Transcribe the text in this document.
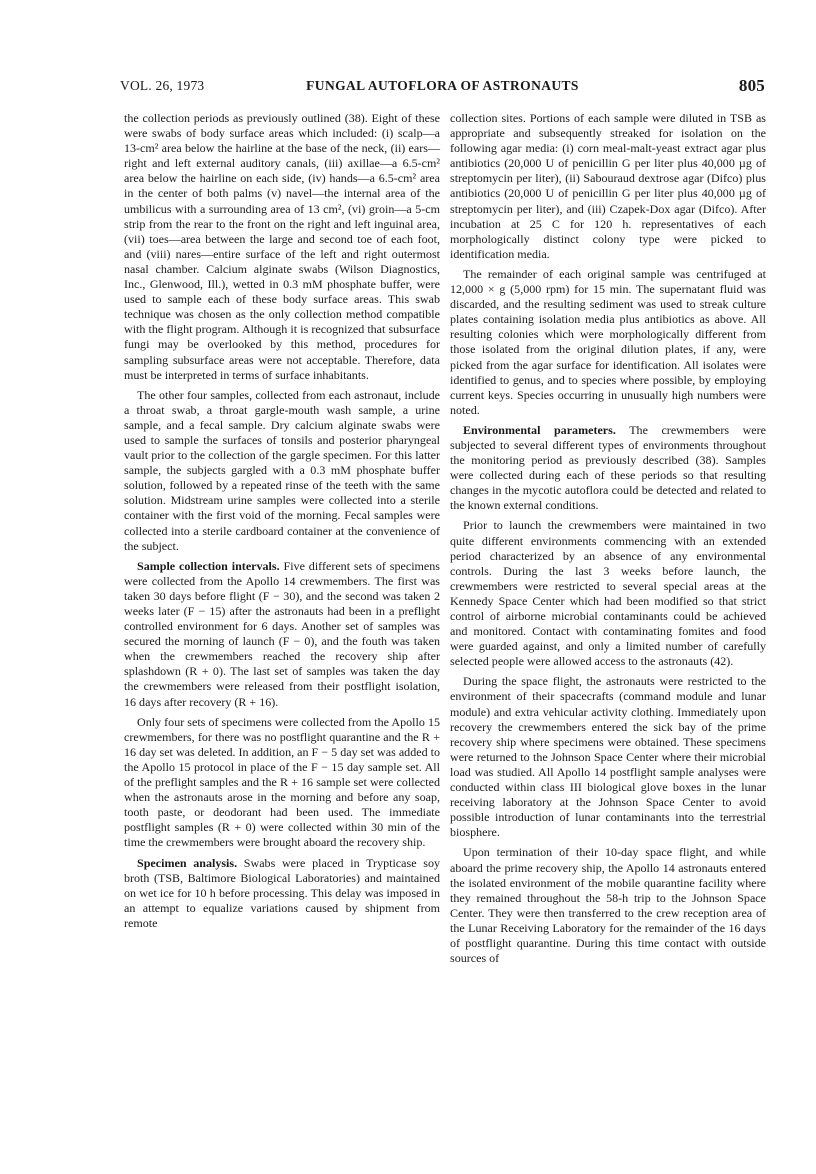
VOL. 26, 1973	FUNGAL AUTOFLORA OF ASTRONAUTS	805

the collection periods as previously outlined (38). Eight of these were swabs of body surface areas which included: (i) scalp—a 13-cm² area below the hairline at the base of the neck, (ii) ears—right and left external auditory canals, (iii) axillae—a 6.5-cm² area below the hairline on each side, (iv) hands—a 6.5-cm² area in the center of both palms (v) navel—the internal area of the umbilicus with a surrounding area of 13 cm², (vi) groin—a 5-cm strip from the rear to the front on the right and left inguinal area, (vii) toes—area between the large and second toe of each foot, and (viii) nares—entire surface of the left and right outermost nasal chamber. Calcium alginate swabs (Wilson Diagnostics, Inc., Glenwood, Ill.), wetted in 0.3 mM phosphate buffer, were used to sample each of these body surface areas. This swab technique was chosen as the only collection method compatible with the flight program. Although it is recognized that subsurface fungi may be overlooked by this method, procedures for sampling subsurface areas were not acceptable. Therefore, data must be interpreted in terms of surface inhabitants.

The other four samples, collected from each astronaut, include a throat swab, a throat gargle-mouth wash sample, a urine sample, and a fecal sample. Dry calcium alginate swabs were used to sample the surfaces of tonsils and posterior pharyngeal vault prior to the collection of the gargle specimen. For this latter sample, the subjects gargled with a 0.3 mM phosphate buffer solution, followed by a repeated rinse of the teeth with the same solution. Midstream urine samples were collected into a sterile container with the first void of the morning. Fecal samples were collected into a sterile cardboard container at the convenience of the subject.

Sample collection intervals. Five different sets of specimens were collected from the Apollo 14 crewmembers. The first was taken 30 days before flight (F − 30), and the second was taken 2 weeks later (F − 15) after the astronauts had been in a preflight controlled environment for 6 days. Another set of samples was secured the morning of launch (F − 0), and the fouth was taken when the crewmembers reached the recovery ship after splashdown (R + 0). The last set of samples was taken the day the crewmembers were released from their postflight isolation, 16 days after recovery (R + 16).

Only four sets of specimens were collected from the Apollo 15 crewmembers, for there was no postflight quarantine and the R + 16 day set was deleted. In addition, an F − 5 day set was added to the Apollo 15 protocol in place of the F − 15 day sample set. All of the preflight samples and the R + 16 sample set were collected when the astronauts arose in the morning and before any soap, tooth paste, or deodorant had been used. The immediate postflight samples (R + 0) were collected within 30 min of the time the crewmembers were brought aboard the recovery ship.

Specimen analysis. Swabs were placed in Trypticase soy broth (TSB, Baltimore Biological Laboratories) and maintained on wet ice for 10 h before processing. This delay was imposed in an attempt to equalize variations caused by shipment from remote

collection sites. Portions of each sample were diluted in TSB as appropriate and subsequently streaked for isolation on the following agar media: (i) corn meal-malt-yeast extract agar plus antibiotics (20,000 U of penicillin G per liter plus 40,000 µg of streptomycin per liter), (ii) Sabouraud dextrose agar (Difco) plus antibiotics (20,000 U of penicillin G per liter plus 40,000 µg of streptomycin per liter), and (iii) Czapek-Dox agar (Difco). After incubation at 25 C for 120 h. representatives of each morphologically distinct colony type were picked to identification media.

The remainder of each original sample was centrifuged at 12,000 × g (5,000 rpm) for 15 min. The supernatant fluid was discarded, and the resulting sediment was used to streak culture plates containing isolation media plus antibiotics as above. All resulting colonies which were morphologically different from those isolated from the original dilution plates, if any, were picked from the agar surface for identification. All isolates were identified to genus, and to species where possible, by employing current keys. Species occurring in unusually high numbers were noted.

Environmental parameters. The crewmembers were subjected to several different types of environments throughout the monitoring period as previously described (38). Samples were collected during each of these periods so that resulting changes in the mycotic autoflora could be detected and related to the known external conditions.

Prior to launch the crewmembers were maintained in two quite different environments commencing with an extended period characterized by an absence of any environmental controls. During the last 3 weeks before launch, the crewmembers were restricted to several special areas at the Kennedy Space Center which had been modified so that strict control of airborne microbial contaminants could be achieved and monitored. Contact with contaminating fomites and food were guarded against, and only a limited number of carefully selected people were allowed access to the astronauts (42).

During the space flight, the astronauts were restricted to the environment of their spacecrafts (command module and lunar module) and extra vehicular activity clothing. Immediately upon recovery the crewmembers entered the sick bay of the prime recovery ship where specimens were obtained. These specimens were returned to the Johnson Space Center where their microbial load was studied. All Apollo 14 postflight sample analyses were conducted within class III biological glove boxes in the lunar receiving laboratory at the Johnson Space Center to avoid possible introduction of lunar contaminants into the terrestrial biosphere.

Upon termination of their 10-day space flight, and while aboard the prime recovery ship, the Apollo 14 astronauts entered the isolated environment of the mobile quarantine facility where they remained throughout the 58-h trip to the Johnson Space Center. They were then transferred to the crew reception area of the Lunar Receiving Laboratory for the remainder of the 16 days of postflight quarantine. During this time contact with outside sources of
